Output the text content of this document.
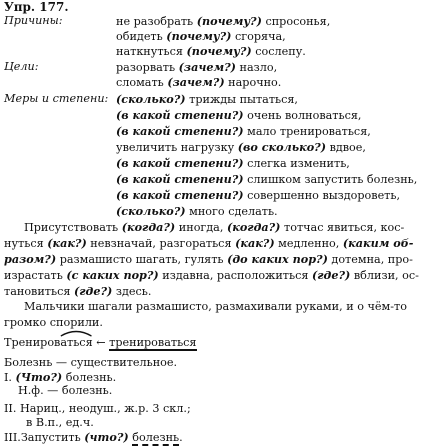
Упр. 177.
Причины:	не разобрать (почему?) спросонья,
обидеть (почему?) сгоряча,
наткнуться (почему?) сослепу.
Цели:	разорвать (зачем?) назло,
сломать (зачем?) нарочно.
Меры и степени: (сколько?) трижды пытаться,
(в какой степени?) очень волноваться,
(в какой степени?) мало тренироваться,
увеличить нагрузку (во сколько?) вдвое,
(в какой степени?) слегка изменить,
(в какой степени?) слишком запустить болезнь,
(в какой степени?) совершенно выздороветь,
(сколько?) много сделать.
Присутствовать (когда?) иногда, (когда?) тотчас явиться, кос-
нуться (как?) невзначай, разгораться (как?) медленно, (каким об-
разом?) размашисто шагать, гулять (до каких пор?) дотемна, про-
израстать (с каких пор?) издавна, расположиться (где?) вблизи, ос-
тановиться (где?) здесь.
Мальчики шагали размашисто, размахивали руками, и о чём-то
громко спорили.
Трениров
аться ← тренироваться
Болезнь — существительное.
I. (Что?) болезнь.
Н.ф. — болезнь.
II. Нариц., неодуш., ж.р. 3 скл.;
в В.п., ед.ч.
III.Запустить (что?) болезнь.
